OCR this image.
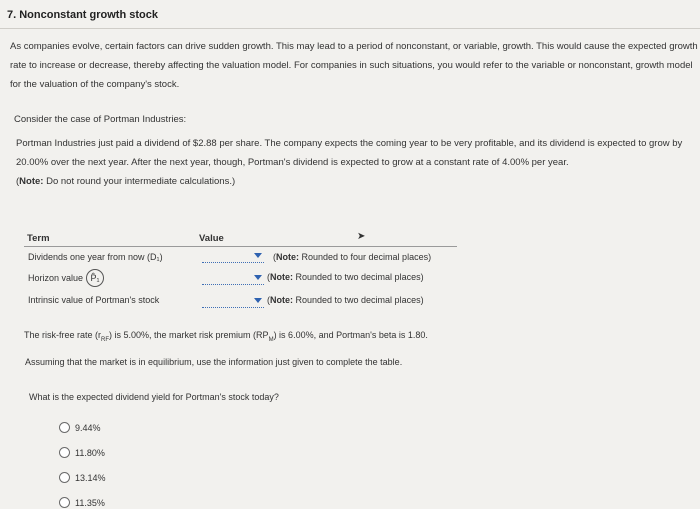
7. Nonconstant growth stock
As companies evolve, certain factors can drive sudden growth. This may lead to a period of nonconstant, or variable, growth. This would cause the expected growth rate to increase or decrease, thereby affecting the valuation model. For companies in such situations, you would refer to the variable or nonconstant, growth model for the valuation of the company's stock.
Consider the case of Portman Industries:
Portman Industries just paid a dividend of $2.88 per share. The company expects the coming year to be very profitable, and its dividend is expected to grow by 20.00% over the next year. After the next year, though, Portman's dividend is expected to grow at a constant rate of 4.00% per year.
(Note: Do not round your intermediate calculations.)
Term	Value	➤
Dividends one year from now (D₁)
Horizon value P̂₁
Intrinsic value of Portman's stock
(Note: Rounded to four decimal places)
(Note: Rounded to two decimal places)
(Note: Rounded to two decimal places)
The risk-free rate $(r_{RF})$ is 5.00%, the market risk premium $(RP_M)$ is 6.00%, and Portman's beta is 1.80.
Assuming that the market is in equilibrium, use the information just given to complete the table.
What is the expected dividend yield for Portman's stock today?
9.44%
11.80%
13.14%
11.35%
